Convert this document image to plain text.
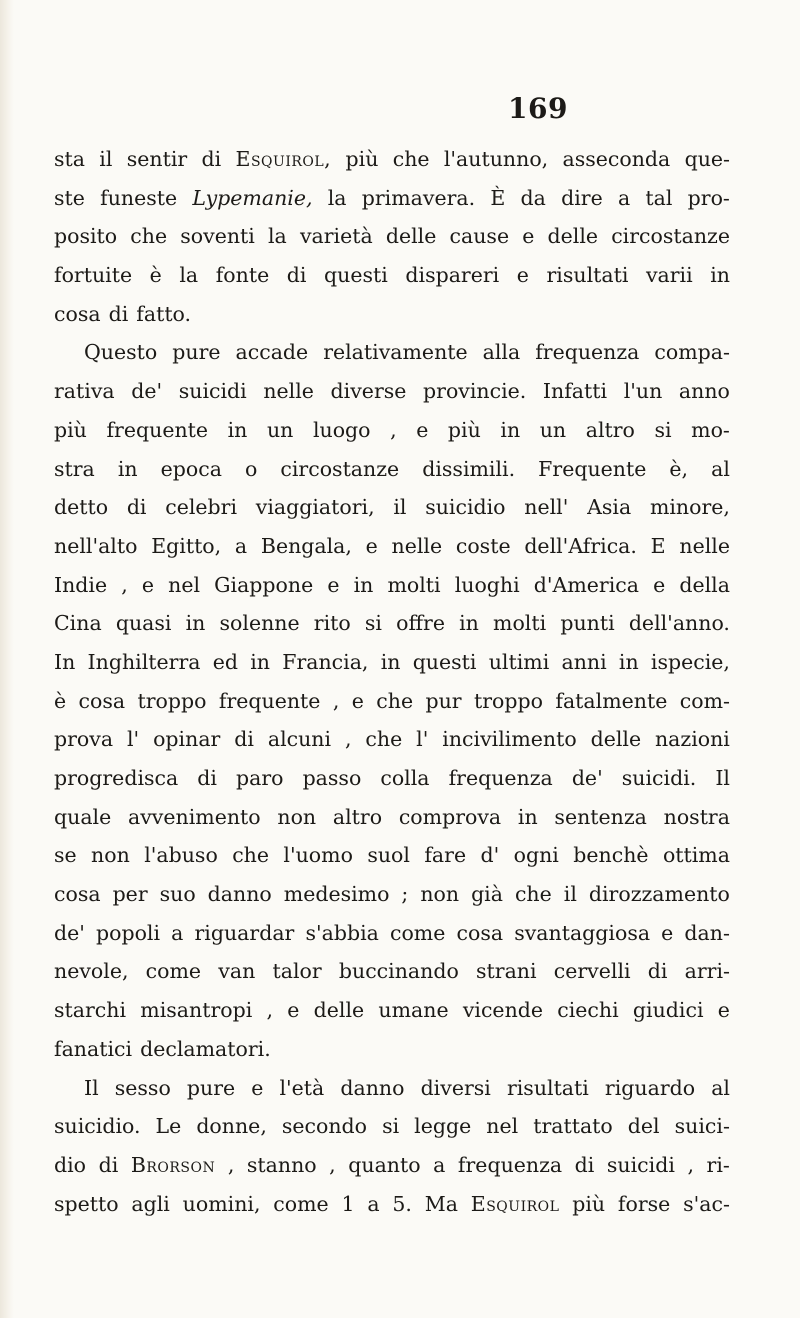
169
sta il sentir di Esquirol, più che l'autunno, asseconda que-
ste funeste Lypemanie, la primavera. È da dire a tal pro-
posito che soventi la varietà delle cause e delle circostanze
fortuite è la fonte di questi dispareri e risultati varii in
cosa di fatto.
Questo pure accade relativamente alla frequenza compa-
rativa de' suicidi nelle diverse provincie. Infatti l'un anno
più frequente in un luogo , e più in un altro si mo-
stra in epoca o circostanze dissimili. Frequente è, al
detto di celebri viaggiatori, il suicidio nell' Asia minore,
nell'alto Egitto, a Bengala, e nelle coste dell'Africa. E nelle
Indie , e nel Giappone e in molti luoghi d'America e della
Cina quasi in solenne rito si offre in molti punti dell'anno.
In Inghilterra ed in Francia, in questi ultimi anni in ispecie,
è cosa troppo frequente , e che pur troppo fatalmente com-
prova l' opinar di alcuni , che l' incivilimento delle nazioni
progredisca di paro passo colla frequenza de' suicidi. Il
quale avvenimento non altro comprova in sentenza nostra
se non l'abuso che l'uomo suol fare d' ogni benchè ottima
cosa per suo danno medesimo ; non già che il dirozzamento
de' popoli a riguardar s'abbia come cosa svantaggiosa e dan-
nevole, come van talor buccinando strani cervelli di arri-
starchi misantropi , e delle umane vicende ciechi giudici e
fanatici declamatori.
Il sesso pure e l'età danno diversi risultati riguardo al
suicidio. Le donne, secondo si legge nel trattato del suici-
dio di Brorson , stanno , quanto a frequenza di suicidi , ri-
spetto agli uomini, come 1 a 5. Ma Esquirol più forse s'ac-
